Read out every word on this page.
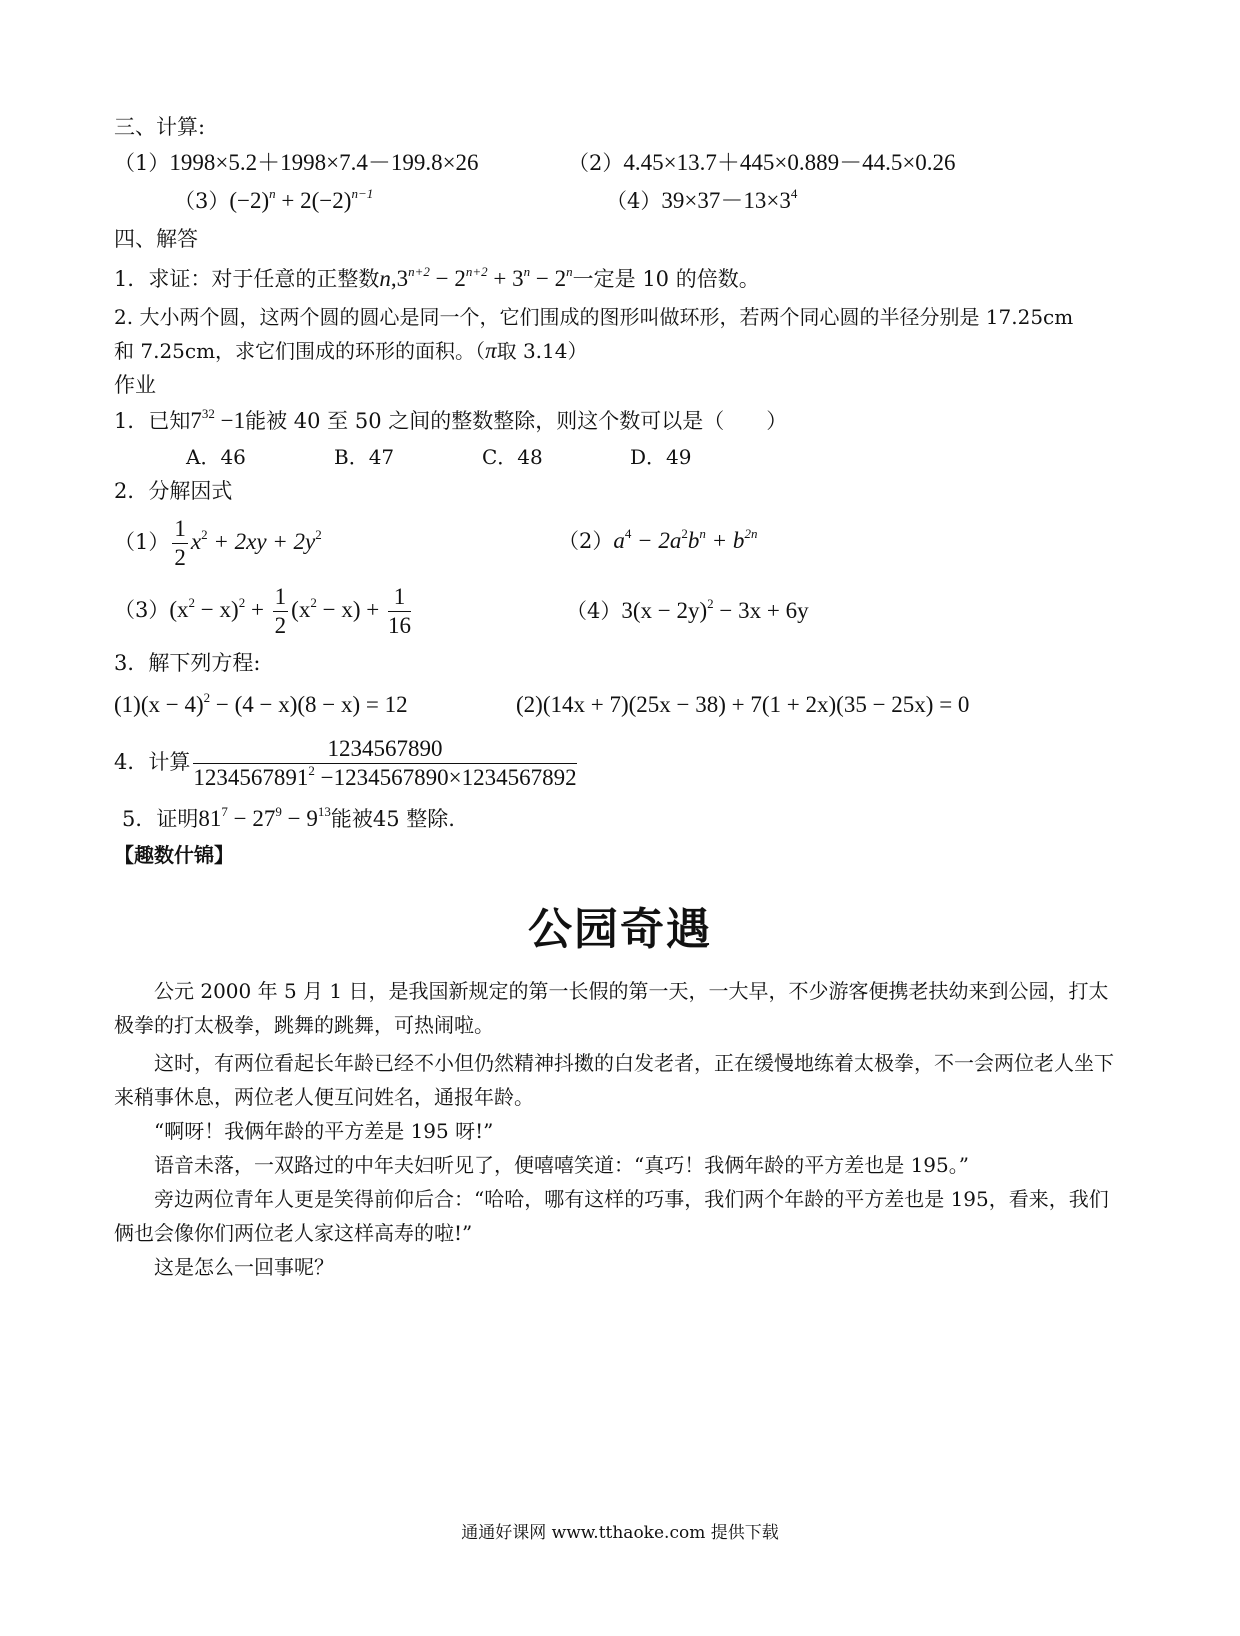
三、计算:
（1）1998×5.2＋1998×7.4－199.8×26	（2）4.45×13.7＋445×0.889－44.5×0.26
$(3)(-2)^n + 2(-2)^{n-1}$	$(4)39\times 37-13\times 3^4$
四、解答
1．求证：对于任意的正整数$n,3^{n+2} - 2^{n+2} + 3^n - 2^n$一定是 10 的倍数。
2. 大小两个圆，这两个圆的圆心是同一个，它们围成的图形叫做环形，若两个同心圆的半径分别是 17.25cm
和 7.25cm，求它们围成的环形的面积。（π取 3.14）
作业
1．已知$7^{32} -1$能被 40 至 50 之间的整数整除，则这个数可以是（　　）
A．46	B．47	C．48	D．49
2．分解因式
$(1) \frac{1}{2} x^2 + 2xy + 2y^2$	$(2)a^4 - 2a^2b^n + b^{2n}$
$(3)(x^2 - x)^2 + \frac{1}{2} (x^2 - x) + \frac{1}{16}$	$(4)3(x - 2y)^2 - 3x + 6y$
3．解下列方程:
$(1)(x - 4)^2 - (4 - x)(8 - x) = 12$	(2)(14x + 7)(25x − 38) + 7(1 + 2x)(35 − 25x) = 0
4．计算 $\frac{1234567890}{1234567891^2 -1234567890\times 1234567892}$
5．证明$81^7 - 27^9 - 9^{13}$能被45 整除.
【趣数什锦】
公园奇遇
公元 2000 年 5 月 1 日，是我国新规定的第一长假的第一天，一大早，不少游客便携老扶幼来到公园，打太极拳的打太极拳，跳舞的跳舞，可热闹啦。
这时，有两位看起长年龄已经不小但仍然精神抖擞的白发老者，正在缓慢地练着太极拳，不一会两位老人坐下来稍事休息，两位老人便互问姓名，通报年龄。
“啊呀！我俩年龄的平方差是 195 呀!”
语音未落，一双路过的中年夫妇听见了，便嘻嘻笑道：“真巧！我俩年龄的平方差也是 195。”
旁边两位青年人更是笑得前仰后合：“哈哈，哪有这样的巧事，我们两个年龄的平方差也是 195，看来，我们俩也会像你们两位老人家这样高寿的啦!”
这是怎么一回事呢？
通通好课网 www.tthaoke.com 提供下载
